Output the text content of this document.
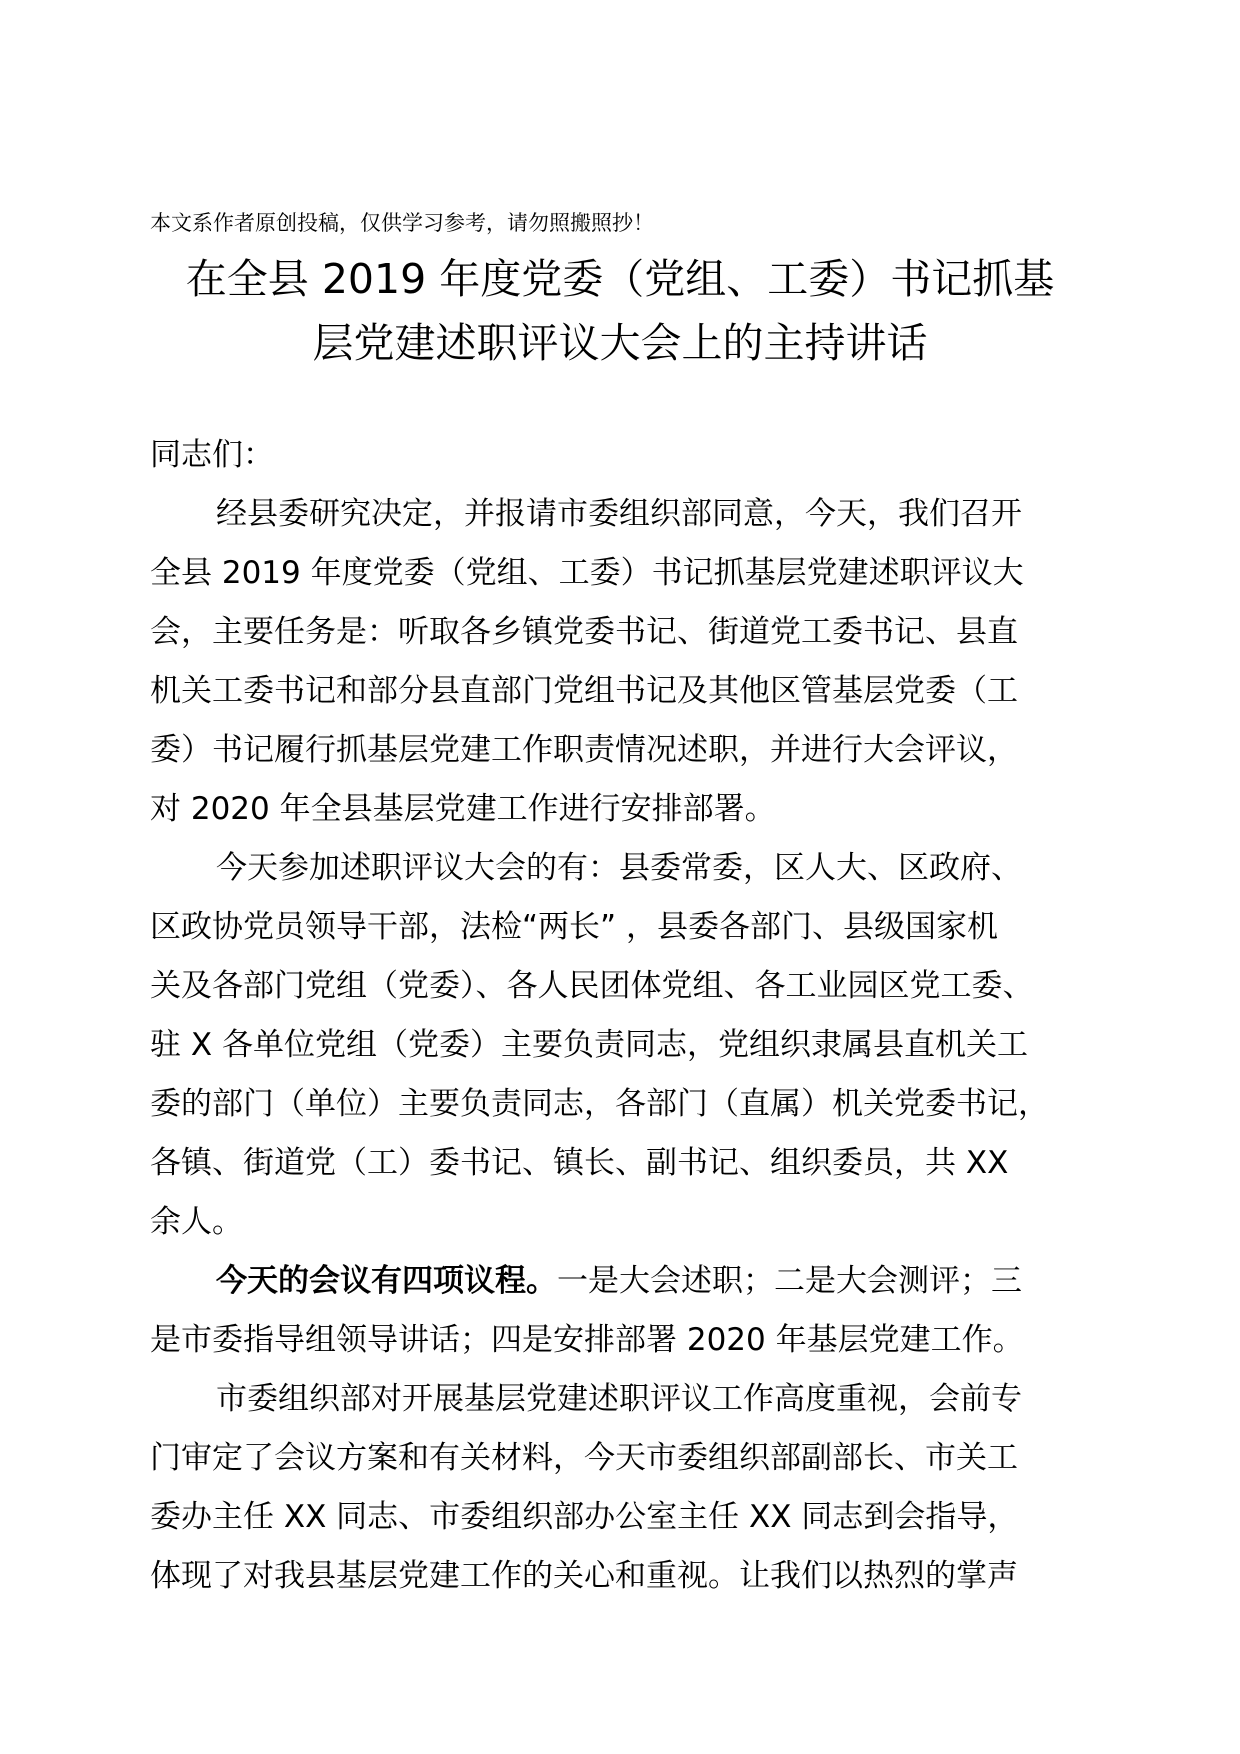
本文系作者原创投稿，仅供学习参考，请勿照搬照抄！
在全县 2019 年度党委（党组、工委）书记抓基
层党建述职评议大会上的主持讲话
同志们：
经县委研究决定，并报请市委组织部同意，今天，我们召开
全县 2019 年度党委（党组、工委）书记抓基层党建述职评议大
会，主要任务是：听取各乡镇党委书记、街道党工委书记、县直
机关工委书记和部分县直部门党组书记及其他区管基层党委（工
委）书记履行抓基层党建工作职责情况述职，并进行大会评议，
对 2020 年全县基层党建工作进行安排部署。
今天参加述职评议大会的有：县委常委，区人大、区政府、
区政协党员领导干部，法检“两长” ，县委各部门、县级国家机
关及各部门党组（党委）、各人民团体党组、各工业园区党工委、
驻 X 各单位党组（党委）主要负责同志，党组织隶属县直机关工
委的部门（单位）主要负责同志，各部门（直属）机关党委书记，
各镇、街道党（工）委书记、镇长、副书记、组织委员，共 XX
余人。
今天的会议有四项议程。一是大会述职；二是大会测评；三
是市委指导组领导讲话；四是安排部署 2020 年基层党建工作。
市委组织部对开展基层党建述职评议工作高度重视，会前专
门审定了会议方案和有关材料，今天市委组织部副部长、市关工
委办主任 XX 同志、市委组织部办公室主任 XX 同志到会指导，
体现了对我县基层党建工作的关心和重视。让我们以热烈的掌声
